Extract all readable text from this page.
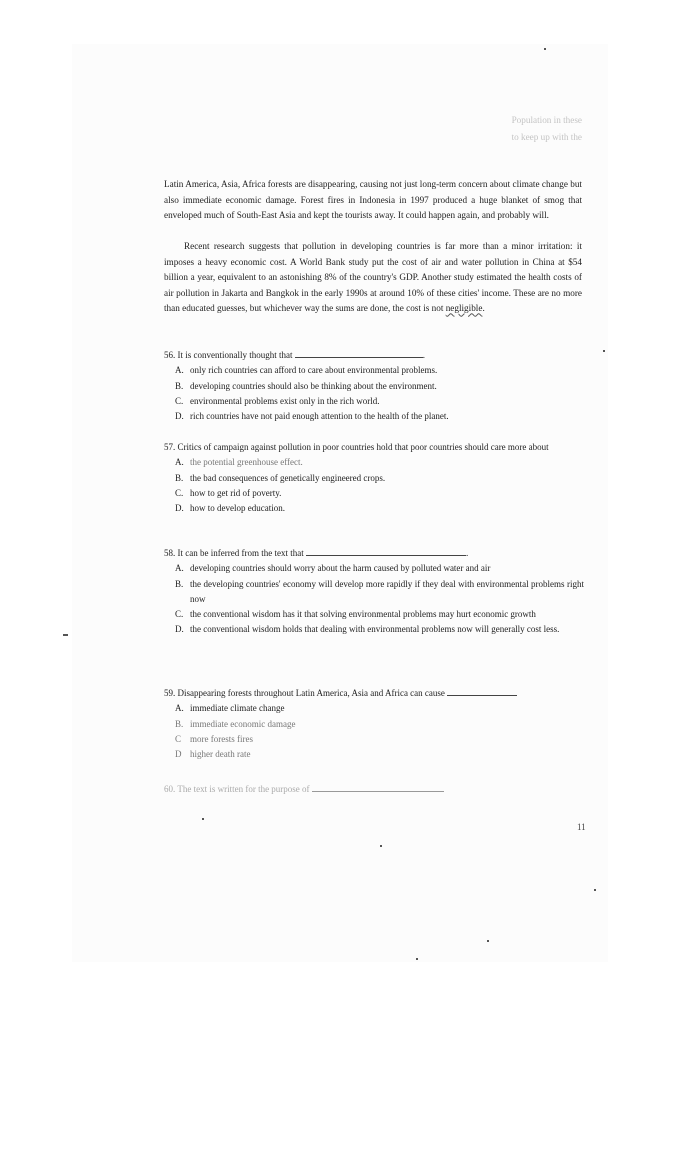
Population in these
to keep up with the
Latin America, Asia, Africa forests are disappearing, causing not just long-term concern about climate change but also immediate economic damage. Forest fires in Indonesia in 1997 produced a huge blanket of smog that enveloped much of South-East Asia and kept the tourists away. It could happen again, and probably will.
Recent research suggests that pollution in developing countries is far more than a minor irritation: it imposes a heavy economic cost. A World Bank study put the cost of air and water pollution in China at $54 billion a year, equivalent to an astonishing 8% of the country's GDP. Another study estimated the health costs of air pollution in Jakarta and Bangkok in the early 1990s at around 10% of these cities' income. These are no more than educated guesses, but whichever way the sums are done, the cost is not negligible.
56. It is conventionally thought that	.
A. only rich countries can afford to care about environmental problems.
B. developing countries should also be thinking about the environment.
C. environmental problems exist only in the rich world.
D. rich countries have not paid enough attention to the health of the planet.
57. Critics of campaign against pollution in poor countries hold that poor countries should care more about
A. the potential greenhouse effect.
B. the bad consequences of genetically engineered crops.
C. how to get rid of poverty.
D. how to develop education.
58. It can be inferred from the text that	.
A. developing countries should worry about the harm caused by polluted water and air
B. the developing countries' economy will develop more rapidly if they deal with environmental problems right now
C. the conventional wisdom has it that solving environmental problems may hurt economic growth
D. the conventional wisdom holds that dealing with environmental problems now will generally cost less.
59. Disappearing forests throughout Latin America, Asia and Africa can cause
A. immediate climate change
B. immediate economic damage
C more forests fires
D higher death rate
60. The text is written for the purpose of
11
